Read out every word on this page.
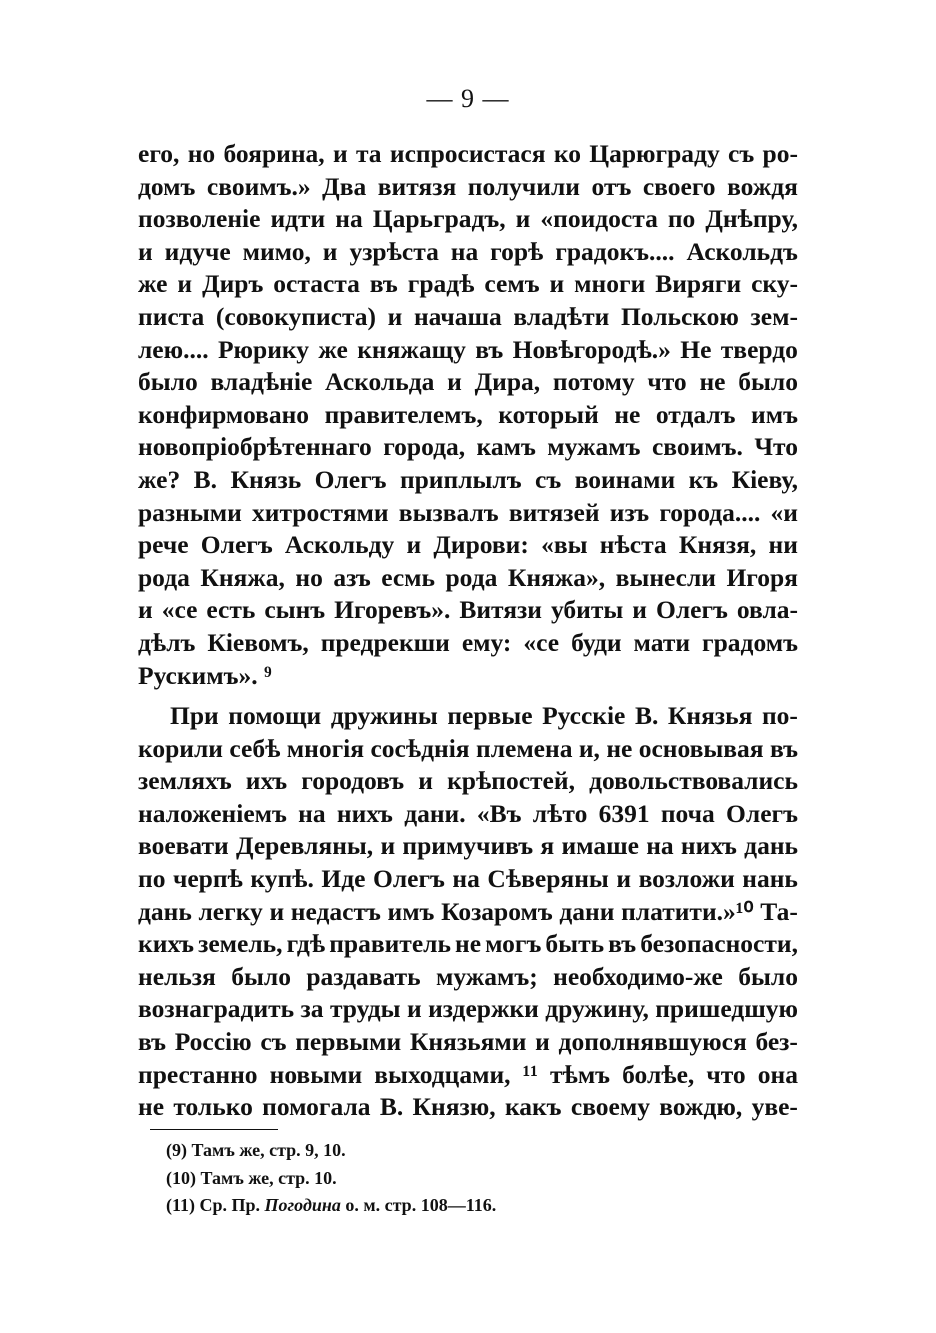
— 9 —
его, но боярина, и та испросистася ко Царюграду съ ро-
домъ своимъ.» Два витязя получили отъ своего вождя
позволеніе идти на Царьградъ, и «поидоста по Днѣпру,
и идуче мимо, и узрѣста на горѣ градокъ.... Аскольдъ
же и Диръ остаста въ градѣ семъ и многи Виряги ску-
писта (совокуписта) и начаша владѣти Польскою зем-
лею.... Рюрику же княжащу въ Новѣгородѣ.» Не твердо
было владѣніе Аскольда и Дира, потому что не было
конфирмовано правителемъ, который не отдалъ имъ
новопріобрѣтеннаго города, камъ мужамъ своимъ. Что
же? В. Князь Олегъ приплылъ съ воинами къ Кіеву,
разными хитростями вызвалъ витязей изъ города.... «и
рече Олегъ Аскольду и Дирови: «вы нѣста Князя, ни
рода Княжа, но азъ есмь рода Княжа», вынесли Игоря
и «се есть сынъ Игоревъ». Витязи убиты и Олегъ овла-
дѣлъ Кіевомъ, предрекши ему: «се буди мати градомъ
Рускимъ». ⁹
При помощи дружины первые Русскіе В. Князья по-
корили себѣ многія сосѣднія племена и, не основывая въ
земляхъ ихъ городовъ и крѣпостей, довольствовались
наложеніемъ на нихъ дани. «Въ лѣто 6391 поча Олегъ
воевати Деревляны, и примучивъ я имаше на нихъ дань
по черпѣ купѣ. Иде Олегъ на Сѣверяны и возложи нань
дань легку и недастъ имъ Козаромъ дани платити.»¹⁰ Та-
кихъ земель, гдѣ правитель не могъ быть въ безопасности,
нельзя было раздавать мужамъ; необходимо-же было
вознаградить за труды и издержки дружину, пришедшую
въ Россію съ первыми Князьями и дополнявшуюся без-
престанно новыми выходцами, ¹¹ тѣмъ болѣе, что она
не только помогала В. Князю, какъ своему вождю, уве-
(9) Тамъ же, стр. 9, 10.
(10) Тамъ же, стр. 10.
(11) Ср. Пр. Погодина о. м. стр. 108—116.
